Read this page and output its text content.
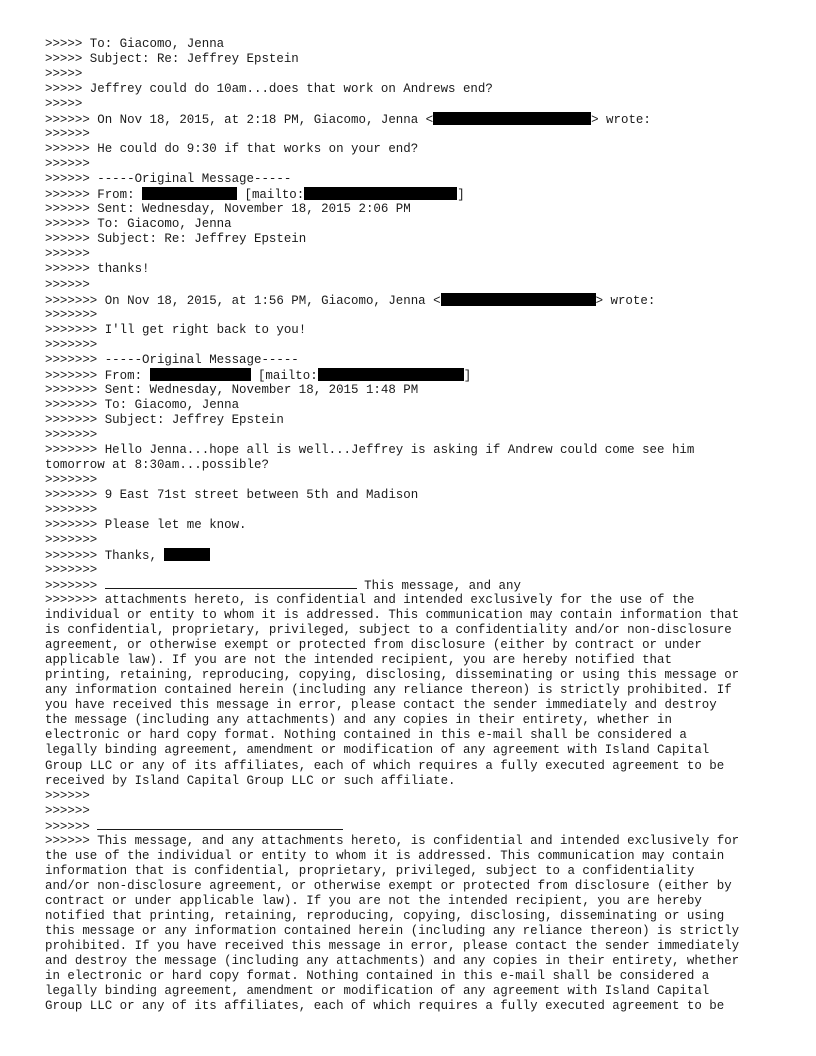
>>>>> To: Giacomo, Jenna
>>>>> Subject: Re: Jeffrey Epstein
>>>>>
>>>>> Jeffrey could do 10am...does that work on Andrews end?
>>>>>
>>>>>> On Nov 18, 2015, at 2:18 PM, Giacomo, Jenna <	> wrote:
>>>>>>
>>>>>> He could do 9:30 if that works on your end?
>>>>>>
>>>>>> -----Original Message-----
>>>>>> From:	[mailto:	]
>>>>>> Sent: Wednesday, November 18, 2015 2:06 PM
>>>>>> To: Giacomo, Jenna
>>>>>> Subject: Re: Jeffrey Epstein
>>>>>>
>>>>>> thanks!
>>>>>>
>>>>>>> On Nov 18, 2015, at 1:56 PM, Giacomo, Jenna <	> wrote:
>>>>>>>
>>>>>>> I'll get right back to you!
>>>>>>>
>>>>>>> -----Original Message-----
>>>>>>> From:	[mailto:	]
>>>>>>> Sent: Wednesday, November 18, 2015 1:48 PM
>>>>>>> To: Giacomo, Jenna
>>>>>>> Subject: Jeffrey Epstein
>>>>>>>
>>>>>>> Hello Jenna...hope all is well...Jeffrey is asking if Andrew could come see him
tomorrow at 8:30am...possible?
>>>>>>>
>>>>>>> 9 East 71st street between 5th and Madison
>>>>>>>
>>>>>>> Please let me know.
>>>>>>>
>>>>>>> Thanks,
>>>>>>>
>>>>>>>	This message, and any
>>>>>>> attachments hereto, is confidential and intended exclusively for the use of the
individual or entity to whom it is addressed. This communication may contain information that
is confidential, proprietary, privileged, subject to a confidentiality and/or non-disclosure
agreement, or otherwise exempt or protected from disclosure (either by contract or under
applicable law). If you are not the intended recipient, you are hereby notified that
printing, retaining, reproducing, copying, disclosing, disseminating or using this message or
any information contained herein (including any reliance thereon) is strictly prohibited. If
you have received this message in error, please contact the sender immediately and destroy
the message (including any attachments) and any copies in their entirety, whether in
electronic or hard copy format. Nothing contained in this e-mail shall be considered a
legally binding agreement, amendment or modification of any agreement with Island Capital
Group LLC or any of its affiliates, each of which requires a fully executed agreement to be
received by Island Capital Group LLC or such affiliate.
>>>>>>
>>>>>>
>>>>>>
>>>>>> This message, and any attachments hereto, is confidential and intended exclusively for
the use of the individual or entity to whom it is addressed. This communication may contain
information that is confidential, proprietary, privileged, subject to a confidentiality
and/or non-disclosure agreement, or otherwise exempt or protected from disclosure (either by
contract or under applicable law). If you are not the intended recipient, you are hereby
notified that printing, retaining, reproducing, copying, disclosing, disseminating or using
this message or any information contained herein (including any reliance thereon) is strictly
prohibited. If you have received this message in error, please contact the sender immediately
and destroy the message (including any attachments) and any copies in their entirety, whether
in electronic or hard copy format. Nothing contained in this e-mail shall be considered a
legally binding agreement, amendment or modification of any agreement with Island Capital
Group LLC or any of its affiliates, each of which requires a fully executed agreement to be
